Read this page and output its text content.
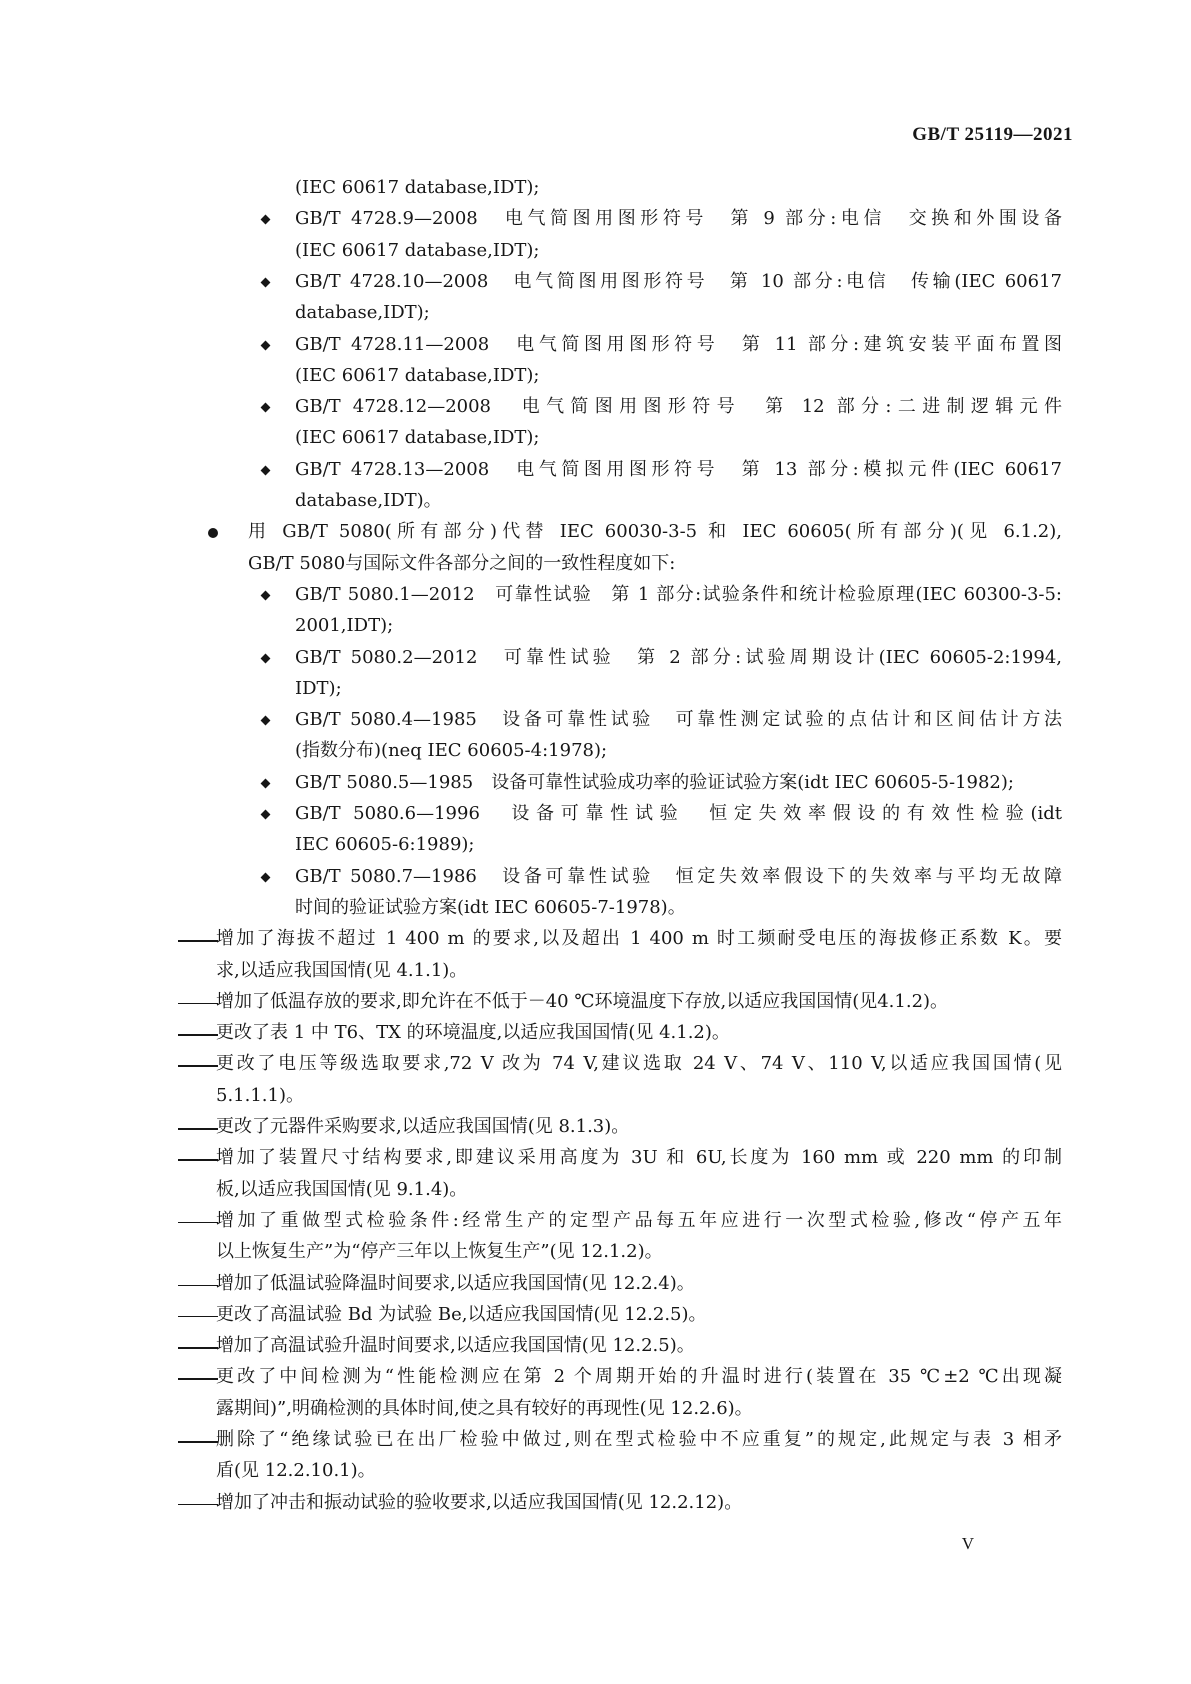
GB/T 25119—2021
(IEC 60617 database,IDT);
GB/T 4728.9—2008　电气简图用图形符号　第 9 部分:电信　交换和外围设备
(IEC 60617 database,IDT);
GB/T 4728.10—2008　电气简图用图形符号　第 10 部分:电信　传输(IEC 60617
database,IDT);
GB/T 4728.11—2008　电气简图用图形符号　第 11 部分:建筑安装平面布置图
(IEC 60617 database,IDT);
GB/T 4728.12—2008　电气简图用图形符号　第 12 部分:二进制逻辑元件
(IEC 60617 database,IDT);
GB/T 4728.13—2008　电气简图用图形符号　第 13 部分:模拟元件(IEC 60617
database,IDT)。
用 GB/T 5080(所有部分)代替 IEC 60030-3-5 和 IEC 60605(所有部分)(见 6.1.2),
GB/T 5080与国际文件各部分之间的一致性程度如下:
GB/T 5080.1—2012　可靠性试验　第 1 部分:试验条件和统计检验原理(IEC 60300-3-5:
2001,IDT);
GB/T 5080.2—2012　可靠性试验　第 2 部分:试验周期设计(IEC 60605-2:1994,
IDT);
GB/T 5080.4—1985　设备可靠性试验　可靠性测定试验的点估计和区间估计方法
(指数分布)(neq IEC 60605-4:1978);
GB/T 5080.5—1985　设备可靠性试验成功率的验证试验方案(idt IEC 60605-5-1982);
GB/T 5080.6—1996　设备可靠性试验　恒定失效率假设的有效性检验(idt
IEC 60605-6:1989);
GB/T 5080.7—1986　设备可靠性试验　恒定失效率假设下的失效率与平均无故障
时间的验证试验方案(idt IEC 60605-7-1978)。
增加了海拔不超过 1 400 m 的要求,以及超出 1 400 m 时工频耐受电压的海拔修正系数 K。要
求,以适应我国国情(见 4.1.1)。
增加了低温存放的要求,即允许在不低于－40 ℃环境温度下存放,以适应我国国情(见4.1.2)。
更改了表 1 中 T6、TX 的环境温度,以适应我国国情(见 4.1.2)。
更改了电压等级选取要求,72 V 改为 74 V,建议选取 24 V、74 V、110 V,以适应我国国情(见
5.1.1.1)。
更改了元器件采购要求,以适应我国国情(见 8.1.3)。
增加了装置尺寸结构要求,即建议采用高度为 3U 和 6U,长度为 160 mm 或 220 mm 的印制
板,以适应我国国情(见 9.1.4)。
增加了重做型式检验条件:经常生产的定型产品每五年应进行一次型式检验,修改“停产五年
以上恢复生产”为“停产三年以上恢复生产”(见 12.1.2)。
增加了低温试验降温时间要求,以适应我国国情(见 12.2.4)。
更改了高温试验 Bd 为试验 Be,以适应我国国情(见 12.2.5)。
增加了高温试验升温时间要求,以适应我国国情(见 12.2.5)。
更改了中间检测为“性能检测应在第 2 个周期开始的升温时进行(装置在 35 ℃±2 ℃出现凝
露期间)”,明确检测的具体时间,使之具有较好的再现性(见 12.2.6)。
删除了“绝缘试验已在出厂检验中做过,则在型式检验中不应重复”的规定,此规定与表 3 相矛
盾(见 12.2.10.1)。
增加了冲击和振动试验的验收要求,以适应我国国情(见 12.2.12)。
V
